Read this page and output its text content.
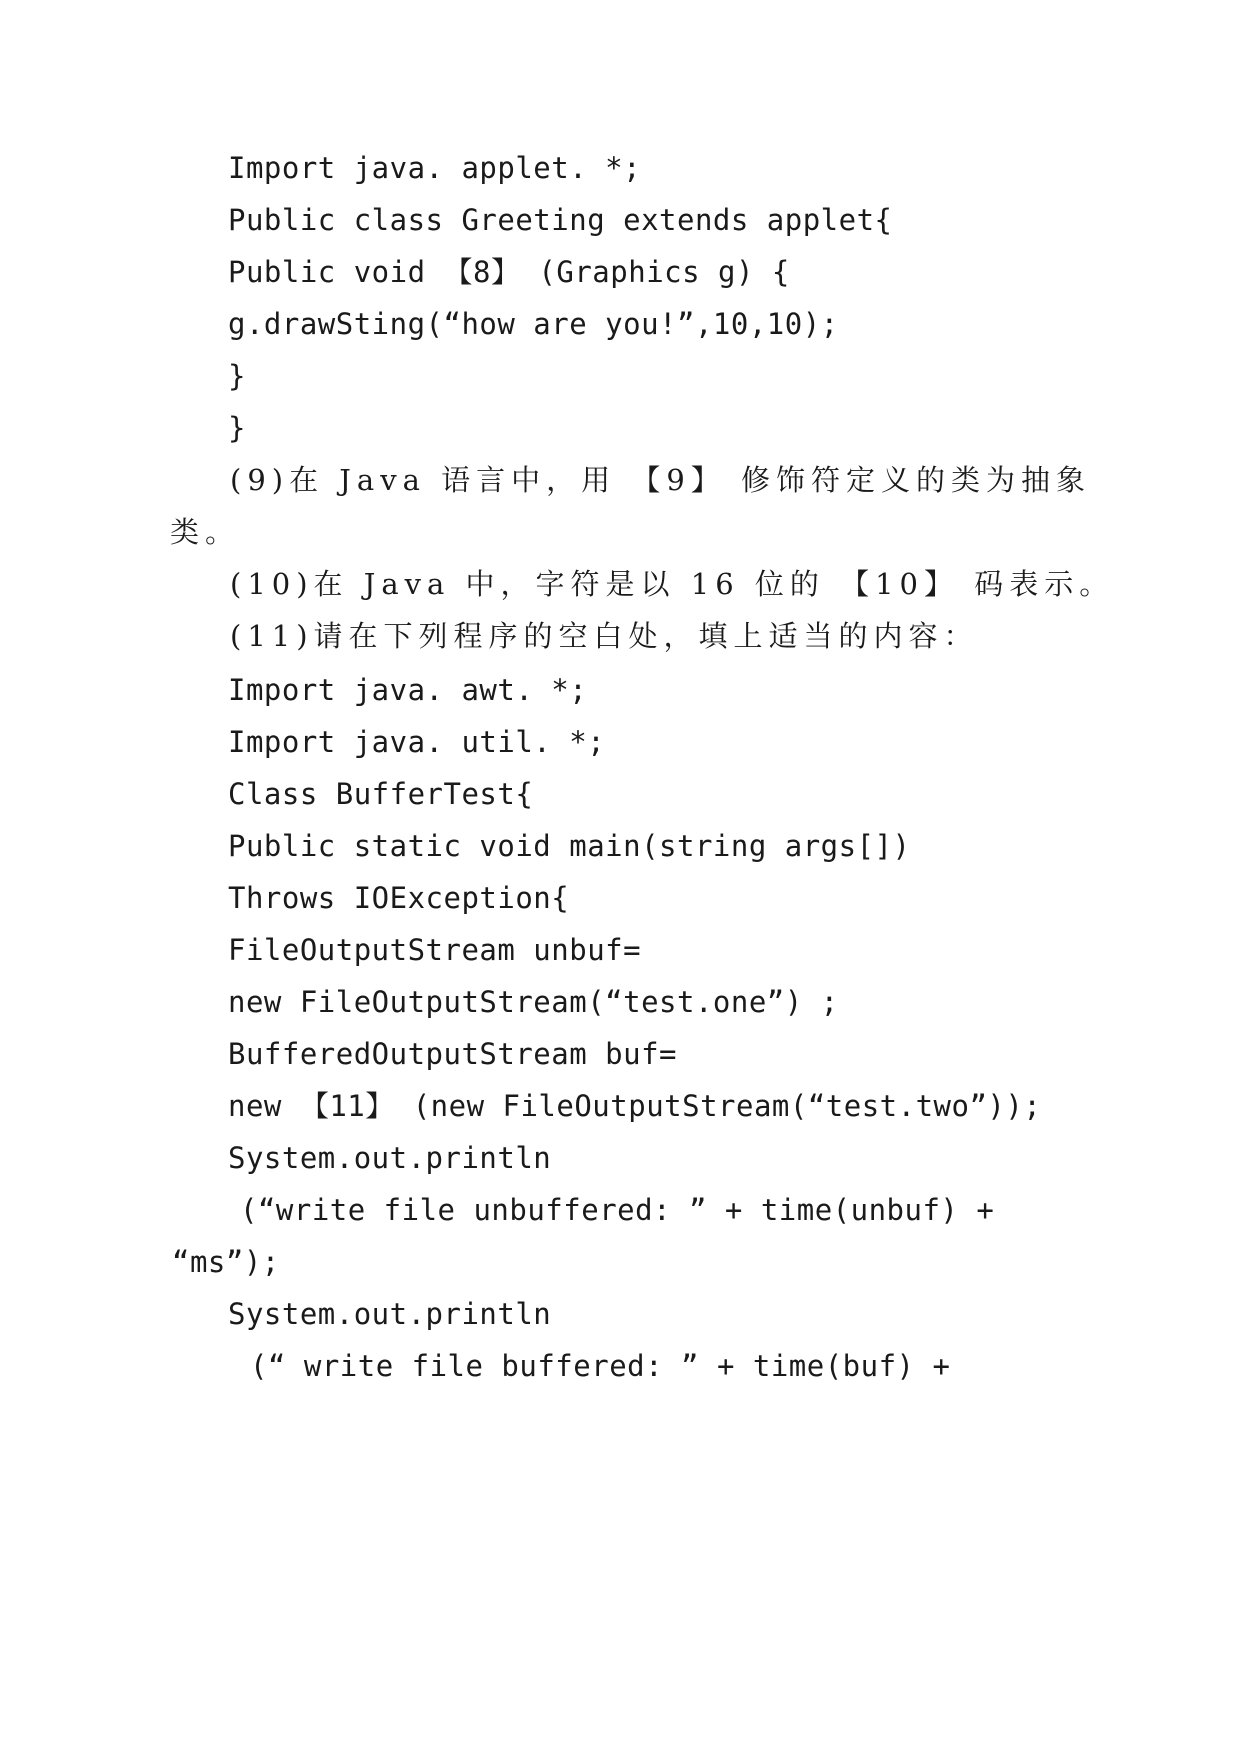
Import java. applet. *;
Public class Greeting extends applet{
Public void 【8】 (Graphics g) {
g.drawSting(“how are you!”,10,10);
}
}
(9)在 Java 语言中，用 【9】 修饰符定义的类为抽象
类。
(10)在 Java 中，字符是以 16 位的 【10】 码表示。
(11)请在下列程序的空白处，填上适当的内容：
Import java. awt. *;
Import java. util. *;
Class BufferTest{
Public static void main(string args[])
Throws IOException{
FileOutputStream unbuf=
new FileOutputStream(“test.one”) ;
BufferedOutputStream buf=
new 【11】 (new FileOutputStream(“test.two”));
System.out.println
(“write file unbuffered: ” + time(unbuf) +
“ms”);
System.out.println
(“ write file buffered: ” + time(buf) +
